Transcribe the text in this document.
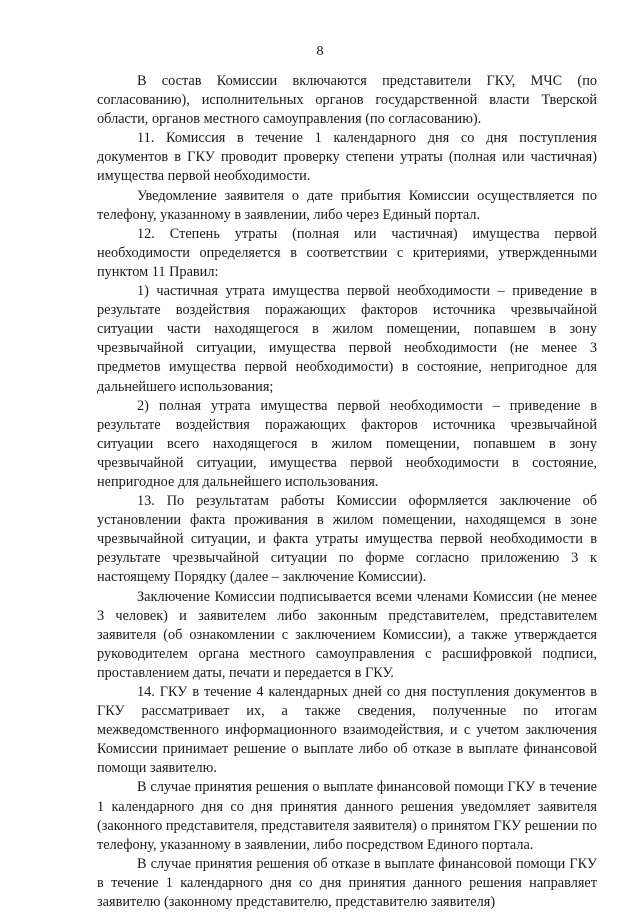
8

В состав Комиссии включаются представители ГКУ, МЧС (по согласованию), исполнительных органов государственной власти Тверской области, органов местного самоуправления (по согласованию).

11. Комиссия в течение 1 календарного дня со дня поступления документов в ГКУ проводит проверку степени утраты (полная или частичная) имущества первой необходимости.

Уведомление заявителя о дате прибытия Комиссии осуществляется по телефону, указанному в заявлении, либо через Единый портал.

12. Степень утраты (полная или частичная) имущества первой необходимости определяется в соответствии с критериями, утвержденными пунктом 11 Правил:

1) частичная утрата имущества первой необходимости – приведение в результате воздействия поражающих факторов источника чрезвычайной ситуации части находящегося в жилом помещении, попавшем в зону чрезвычайной ситуации, имущества первой необходимости (не менее 3 предметов имущества первой необходимости) в состояние, непригодное для дальнейшего использования;

2) полная утрата имущества первой необходимости – приведение в результате воздействия поражающих факторов источника чрезвычайной ситуации всего находящегося в жилом помещении, попавшем в зону чрезвычайной ситуации, имущества первой необходимости в состояние, непригодное для дальнейшего использования.

13. По результатам работы Комиссии оформляется заключение об установлении факта проживания в жилом помещении, находящемся в зоне чрезвычайной ситуации, и факта утраты имущества первой необходимости в результате чрезвычайной ситуации по форме согласно приложению 3 к настоящему Порядку (далее – заключение Комиссии).

Заключение Комиссии подписывается всеми членами Комиссии (не менее 3 человек) и заявителем либо законным представителем, представителем заявителя (об ознакомлении с заключением Комиссии), а также утверждается руководителем органа местного самоуправления с расшифровкой подписи, проставлением даты, печати и передается в ГКУ.

14. ГКУ в течение 4 календарных дней со дня поступления документов в ГКУ рассматривает их, а также сведения, полученные по итогам межведомственного информационного взаимодействия, и с учетом заключения Комиссии принимает решение о выплате либо об отказе в выплате финансовой помощи заявителю.

В случае принятия решения о выплате финансовой помощи ГКУ в течение 1 календарного дня со дня принятия данного решения уведомляет заявителя (законного представителя, представителя заявителя) о принятом ГКУ решении по телефону, указанному в заявлении, либо посредством Единого портала.

В случае принятия решения об отказе в выплате финансовой помощи ГКУ в течение 1 календарного дня со дня принятия данного решения направляет заявителю (законному представителю, представителю заявителя)
